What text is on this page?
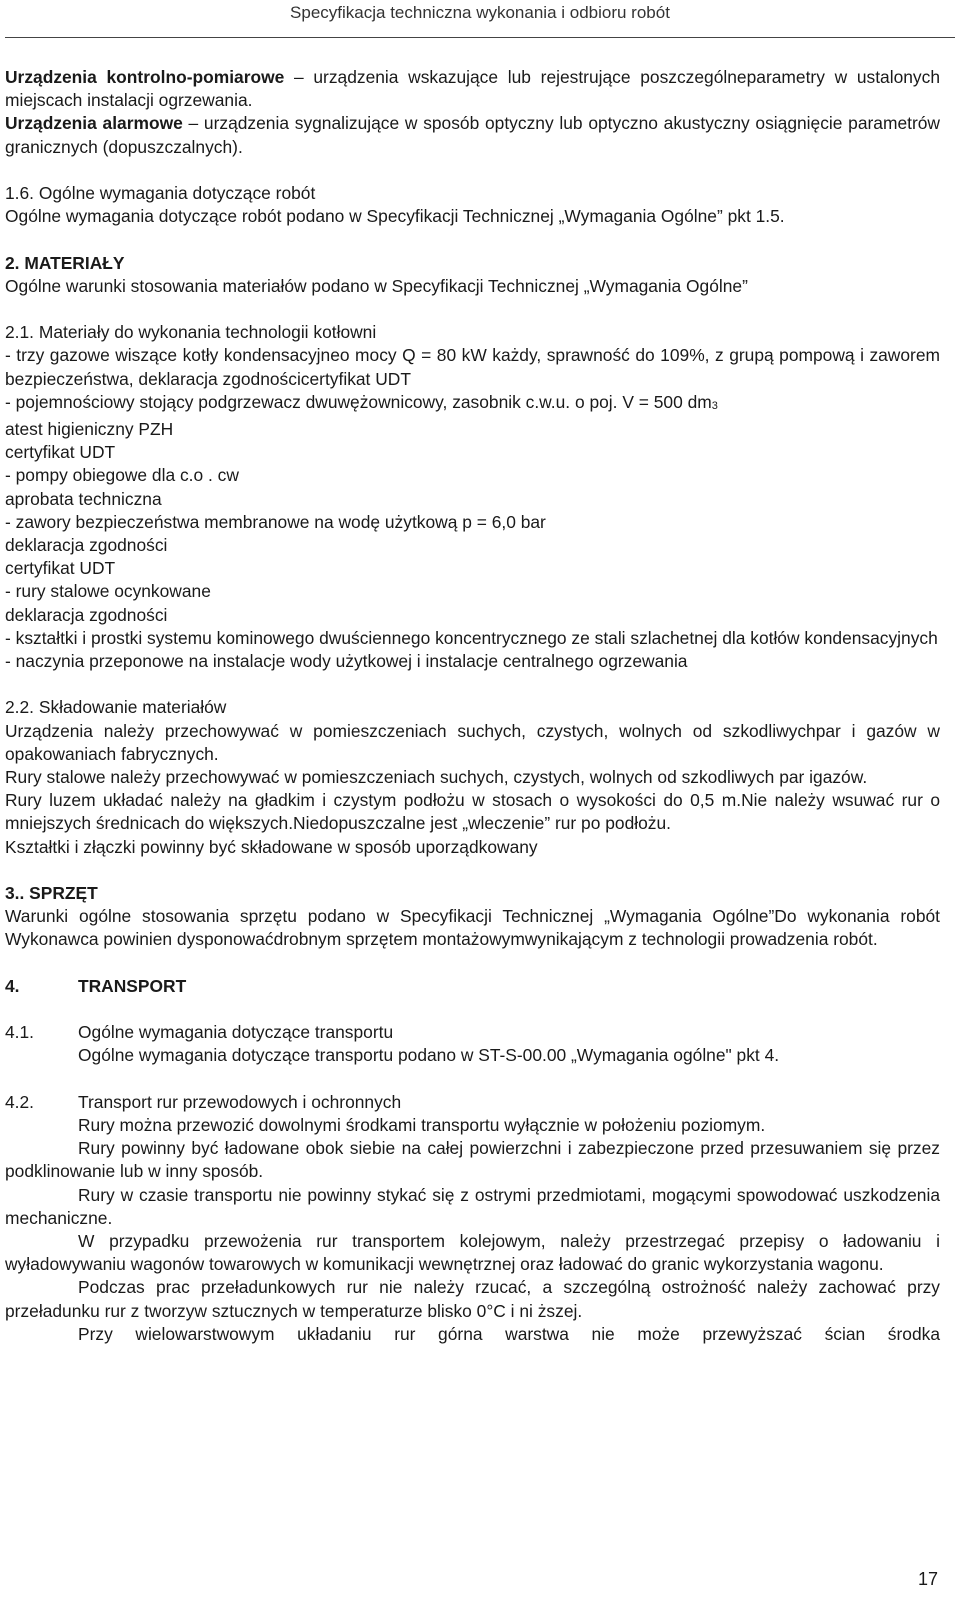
Specyfikacja techniczna wykonania i odbioru robót

Urządzenia kontrolno-pomiarowe – urządzenia wskazujące lub rejestrujące poszczególneparametry w ustalonych miejscach instalacji ogrzewania.

Urządzenia alarmowe – urządzenia sygnalizujące w sposób optyczny lub optyczno akustyczny osiągnięcie parametrów granicznych (dopuszczalnych).

1.6. Ogólne wymagania dotyczące robót

Ogólne wymagania dotyczące robót podano w Specyfikacji Technicznej „Wymagania Ogólne” pkt 1.5.

2. MATERIAŁY

Ogólne warunki stosowania materiałów podano w Specyfikacji Technicznej „Wymagania Ogólne”

2.1. Materiały do wykonania technologii kotłowni

- trzy gazowe wiszące kotły kondensacyjneo mocy Q = 80 kW każdy, sprawność do 109%, z grupą pompową i zaworem bezpieczeństwa, deklaracja zgodnościcertyfikat UDT

- pojemnościowy stojący podgrzewacz dwuwężownicowy, zasobnik c.w.u. o poj. V = 500 $dm_3$

atest higieniczny PZH

certyfikat UDT

- pompy obiegowe dla c.o . cw

aprobata techniczna

- zawory bezpieczeństwa membranowe na wodę użytkową p = 6,0 bar

deklaracja zgodności

certyfikat UDT

- rury stalowe ocynkowane

deklaracja zgodności

- kształtki i prostki systemu kominowego dwuściennego koncentrycznego ze stali szlachetnej dla kotłów kondensacyjnych

- naczynia przeponowe na instalacje wody użytkowej i instalacje centralnego ogrzewania

2.2. Składowanie materiałów

Urządzenia należy przechowywać w pomieszczeniach suchych, czystych, wolnych od szkodliwychpar i gazów w opakowaniach fabrycznych.

Rury stalowe należy przechowywać w pomieszczeniach suchych, czystych, wolnych od szkodliwych par igazów.

Rury luzem układać należy na gładkim i czystym podłożu w stosach o wysokości do 0,5 m.Nie należy wsuwać rur o mniejszych średnicach do większych.Niedopuszczalne jest „wleczenie” rur po podłożu.

Kształtki i złączki powinny być składowane w sposób uporządkowany

3.. SPRZĘT

Warunki ogólne stosowania sprzętu podano w Specyfikacji Technicznej „Wymagania Ogólne”Do wykonania robót Wykonawca powinien dysponowaćdrobnym sprzętem montażowymwynikającym z technologii prowadzenia robót.

4.	TRANSPORT
4.1.	Ogólne wymagania dotyczące transportu

Ogólne wymagania dotyczące transportu podano w ST-S-00.00 „Wymagania ogólne" pkt 4.

4.2.	Transport rur przewodowych i ochronnych

Rury można przewozić dowolnymi środkami transportu wyłącznie w położeniu poziomym.

Rury powinny być ładowane obok siebie na całej powierzchni i zabezpieczone przed przesuwaniem się przez podklinowanie lub w inny sposób.

Rury w czasie transportu nie powinny stykać się z ostrymi przedmiotami, mogącymi spowodować uszkodzenia mechaniczne.

W przypadku przewożenia rur transportem kolejowym, należy przestrzegać przepisy o ładowaniu i wyładowywaniu wagonów towarowych w komunikacji wewnętrznej oraz ładować do granic wykorzystania wagonu.

Podczas prac przeładunkowych rur nie należy rzucać, a szczególną ostrożność należy zachować przy przeładunku rur z tworzyw sztucznych w temperaturze blisko 0°C i ni ższej.

Przy wielowarstwowym układaniu rur górna warstwa nie może przewyższać ścian środka

17
